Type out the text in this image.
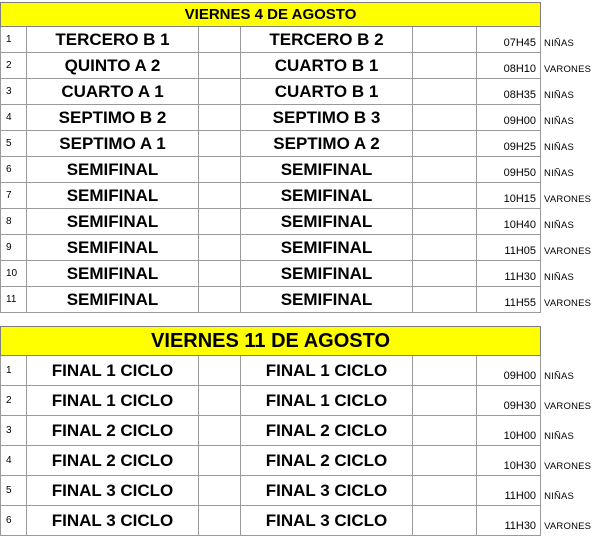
VIERNES 4 DE AGOSTO						
1	TERCERO B 1		TERCERO B 2		07H45	NIÑAS
2	QUINTO A 2		CUARTO B 1		08H10	VARONES
3	CUARTO A 1		CUARTO B 1		08H35	NIÑAS
4	SEPTIMO B 2		SEPTIMO B 3		09H00	NIÑAS
5	SEPTIMO A 1		SEPTIMO A 2		09H25	NIÑAS
6	SEMIFINAL		SEMIFINAL		09H50	NIÑAS
7	SEMIFINAL		SEMIFINAL		10H15	VARONES
8	SEMIFINAL		SEMIFINAL		10H40	NIÑAS
9	SEMIFINAL		SEMIFINAL		11H05	VARONES
10	SEMIFINAL		SEMIFINAL		11H30	NIÑAS
11	SEMIFINAL		SEMIFINAL		11H55	VARONES
VIERNES 11 DE AGOSTO						
1	FINAL 1 CICLO		FINAL 1 CICLO		09H00	NIÑAS
2	FINAL 1 CICLO		FINAL 1 CICLO		09H30	VARONES
3	FINAL 2 CICLO		FINAL 2 CICLO		10H00	NIÑAS
4	FINAL 2 CICLO		FINAL 2 CICLO		10H30	VARONES
5	FINAL 3 CICLO		FINAL 3 CICLO		11H00	NIÑAS
6	FINAL 3 CICLO		FINAL 3 CICLO		11H30	VARONES
